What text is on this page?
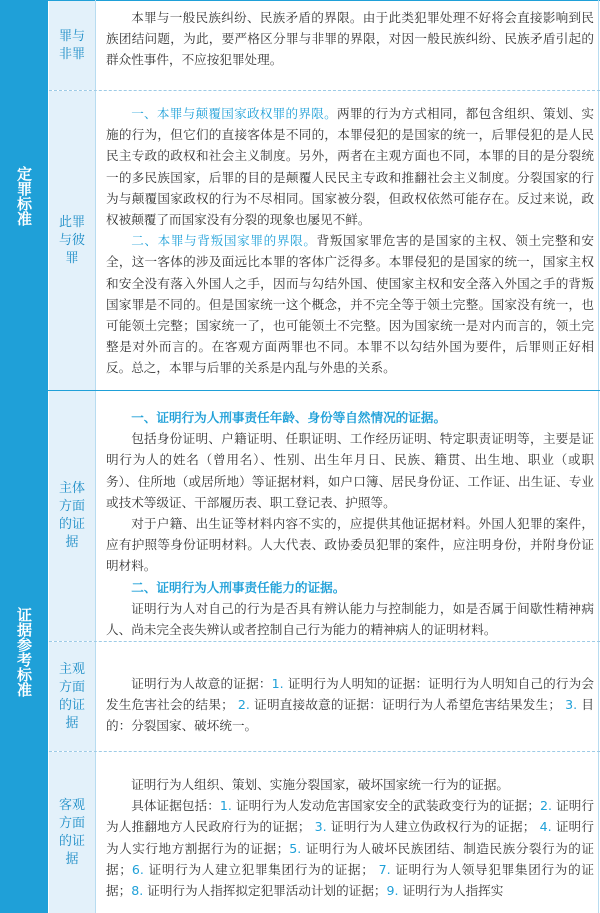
定罪标准
罪与非罪

本罪与一般民族纠纷、民族矛盾的界限。由于此类犯罪处理不好将会直接影响到民族团结问题，为此，要严格区分罪与非罪的界限，对因一般民族纠纷、民族矛盾引起的群众性事件，不应按犯罪处理。

此罪与彼罪

一、本罪与颠覆国家政权罪的界限。两罪的行为方式相同，都包含组织、策划、实施的行为，但它们的直接客体是不同的，本罪侵犯的是国家的统一，后罪侵犯的是人民民主专政的政权和社会主义制度。另外，两者在主观方面也不同，本罪的目的是分裂统一的多民族国家，后罪的目的是颠覆人民民主专政和推翻社会主义制度。分裂国家的行为与颠覆国家政权的行为不尽相同。国家被分裂，但政权依然可能存在。反过来说，政权被颠覆了而国家没有分裂的现象也屡见不鲜。

二、本罪与背叛国家罪的界限。背叛国家罪危害的是国家的主权、领土完整和安全，这一客体的涉及面远比本罪的客体广泛得多。本罪侵犯的是国家的统一，国家主权和安全没有落入外国人之手，因而与勾结外国、使国家主权和安全落入外国之手的背叛国家罪是不同的。但是国家统一这个概念，并不完全等于领土完整。国家没有统一，也可能领土完整；国家统一了，也可能领土不完整。因为国家统一是对内而言的，领土完整是对外而言的。在客观方面两罪也不同。本罪不以勾结外国为要件，后罪则正好相反。总之，本罪与后罪的关系是内乱与外患的关系。

证据参考标准
主体方面的证据

一、证明行为人刑事责任年龄、身份等自然情况的证据。

包括身份证明、户籍证明、任职证明、工作经历证明、特定职责证明等，主要是证明行为人的姓名（曾用名）、性别、出生年月日、民族、籍贯、出生地、职业（或职务）、住所地（或居所地）等证据材料，如户口簿、居民身份证、工作证、出生证、专业或技术等级证、干部履历表、职工登记表、护照等。

对于户籍、出生证等材料内容不实的，应提供其他证据材料。外国人犯罪的案件，应有护照等身份证明材料。人大代表、政协委员犯罪的案件，应注明身份，并附身份证明材料。

二、证明行为人刑事责任能力的证据。

证明行为人对自己的行为是否具有辨认能力与控制能力，如是否属于间歇性精神病人、尚未完全丧失辨认或者控制自己行为能力的精神病人的证明材料。

主观方面的证据

证明行为人故意的证据：1. 证明行为人明知的证据：证明行为人明知自己的行为会发生危害社会的结果； 2. 证明直接故意的证据：证明行为人希望危害结果发生； 3. 目的：分裂国家、破坏统一。

客观方面的证据

证明行为人组织、策划、实施分裂国家，破坏国家统一行为的证据。

具体证据包括：1. 证明行为人发动危害国家安全的武装政变行为的证据；2. 证明行为人推翻地方人民政府行为的证据； 3. 证明行为人建立伪政权行为的证据； 4. 证明行为人实行地方割据行为的证据；5. 证明行为人破坏民族团结、制造民族分裂行为的证据；6. 证明行为人建立犯罪集团行为的证据； 7. 证明行为人领导犯罪集团行为的证据；8. 证明行为人指挥拟定犯罪活动计划的证据；9. 证明行为人指挥实
